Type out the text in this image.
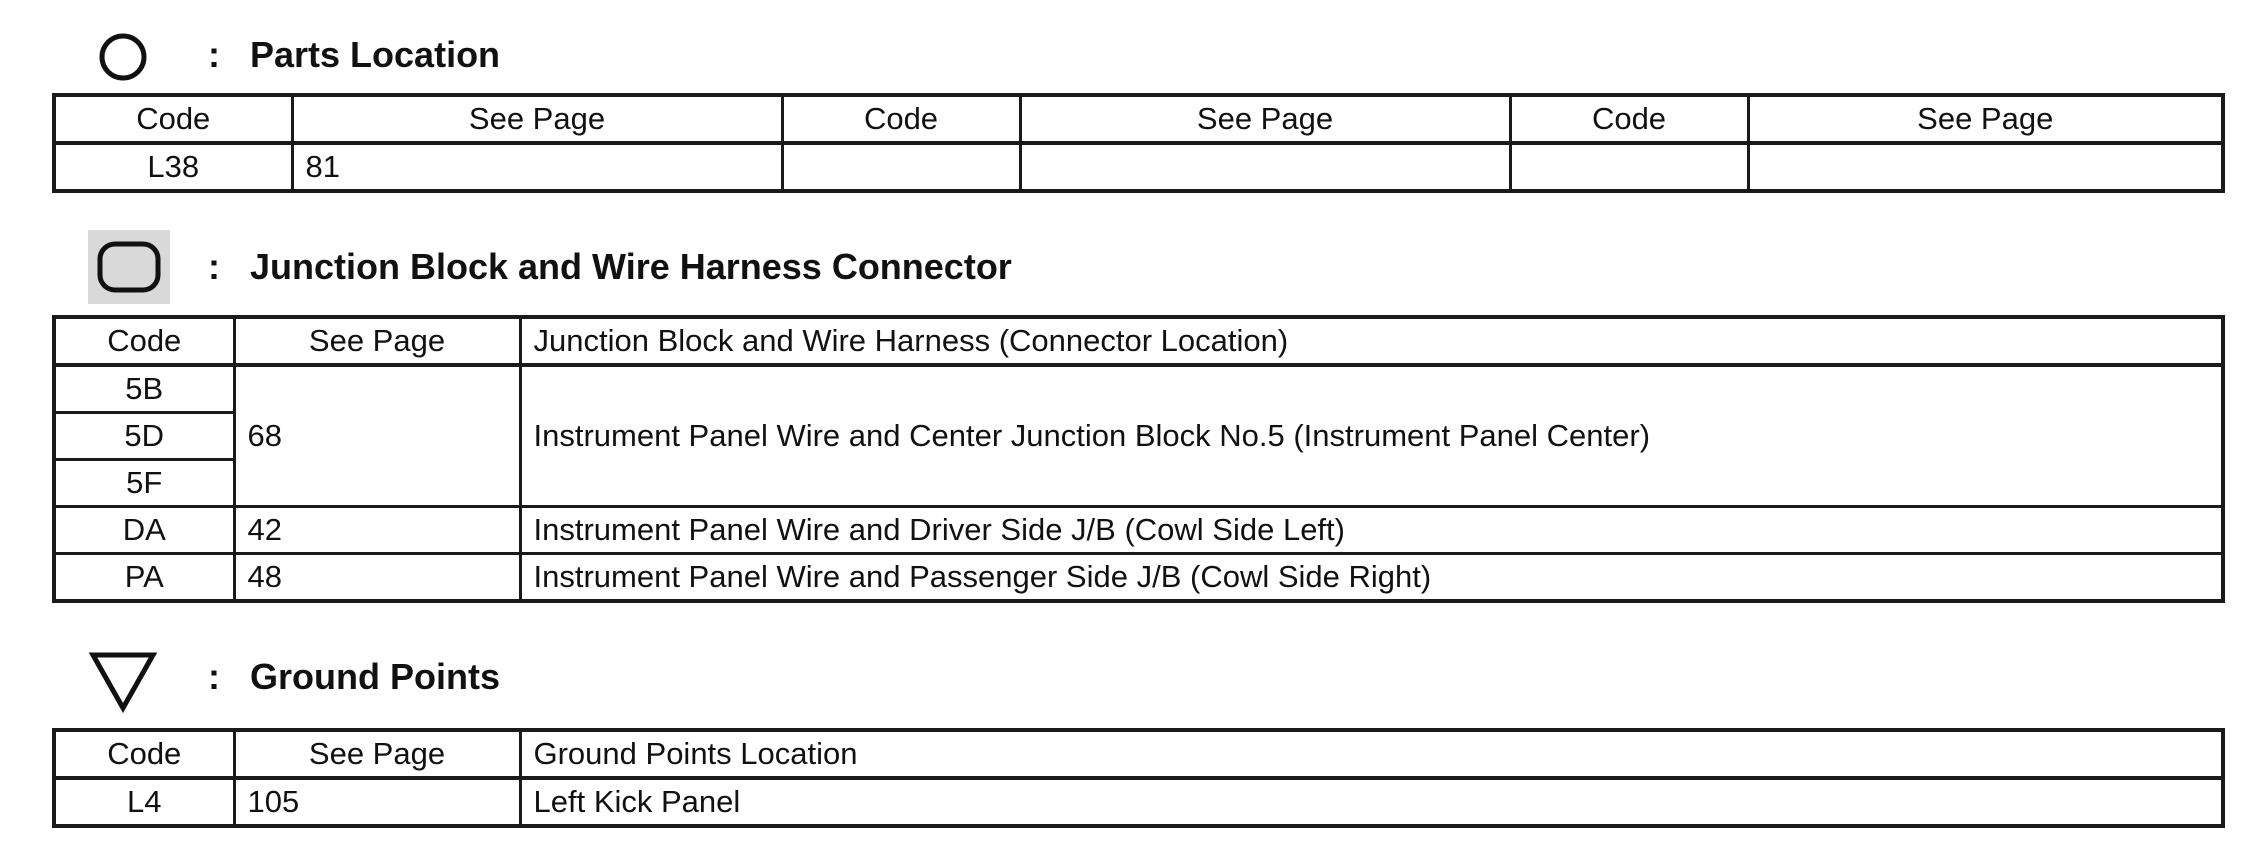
: Parts Location
Code	See Page	Code	See Page	Code	See Page
L38	81				
: Junction Block and Wire Harness Connector
Code	See Page	Junction Block and Wire Harness (Connector Location)
5B	68	Instrument Panel Wire and Center Junction Block No.5 (Instrument Panel Center)
5D		
5F		
DA	42	Instrument Panel Wire and Driver Side J/B (Cowl Side Left)
PA	48	Instrument Panel Wire and Passenger Side J/B (Cowl Side Right)
: Ground Points
Code	See Page	Ground Points Location
L4	105	Left Kick Panel
